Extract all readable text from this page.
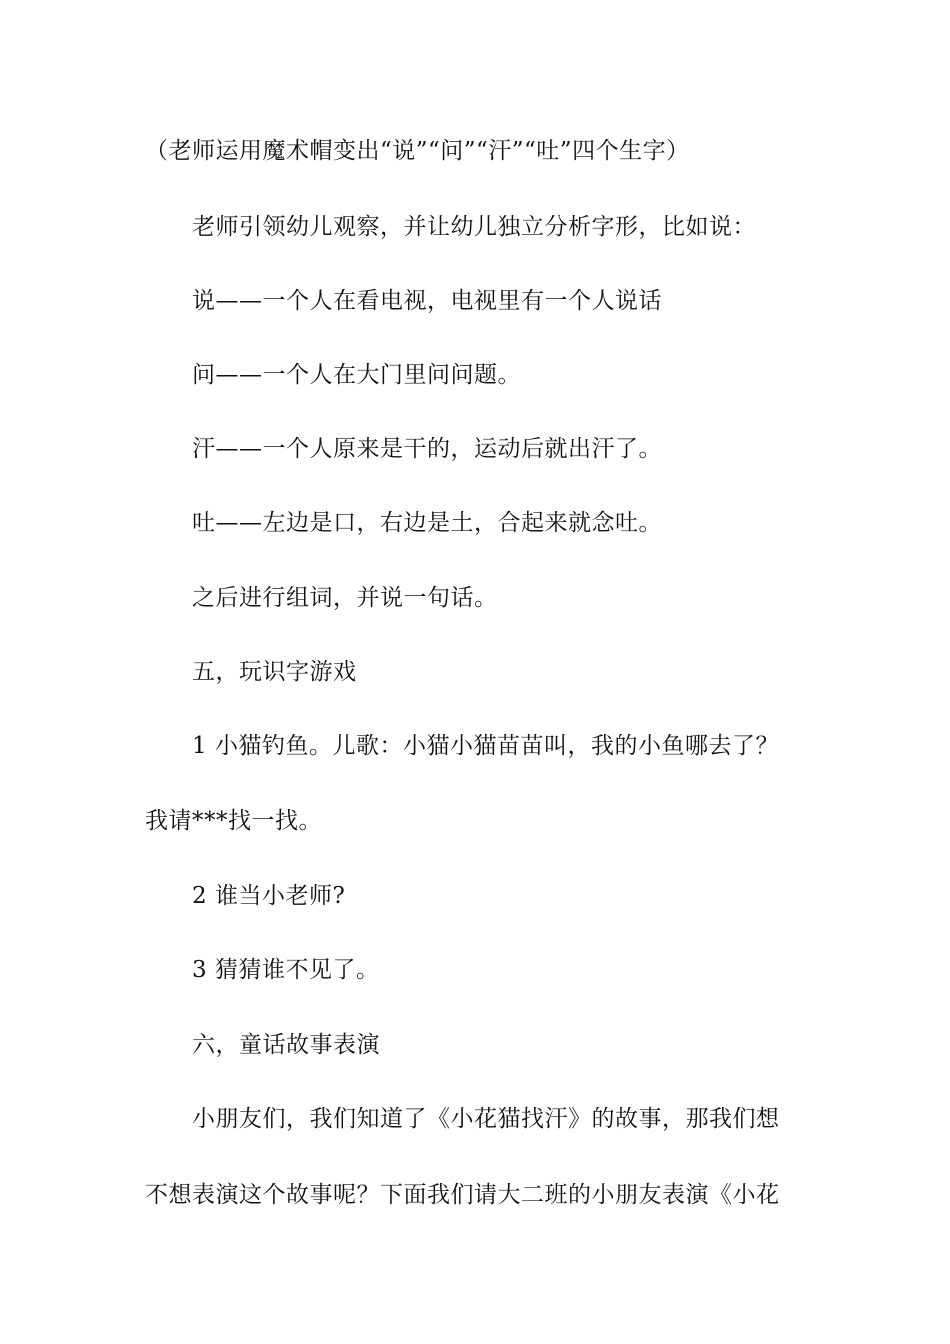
（老师运用魔术帽变出“说”“问”“汗”“吐”四个生字）
老师引领幼儿观察，并让幼儿独立分析字形，比如说：
说——一个人在看电视，电视里有一个人说话
问——一个人在大门里问问题。
汗——一个人原来是干的，运动后就出汗了。
吐——左边是口，右边是土，合起来就念吐。
之后进行组词，并说一句话。
五，玩识字游戏
1 小猫钓鱼。儿歌：小猫小猫苗苗叫，我的小鱼哪去了？
我请***找一找。
2 谁当小老师?
3 猜猜谁不见了。
六，童话故事表演
小朋友们，我们知道了《小花猫找汗》的故事，那我们想
不想表演这个故事呢？下面我们请大二班的小朋友表演《小花
